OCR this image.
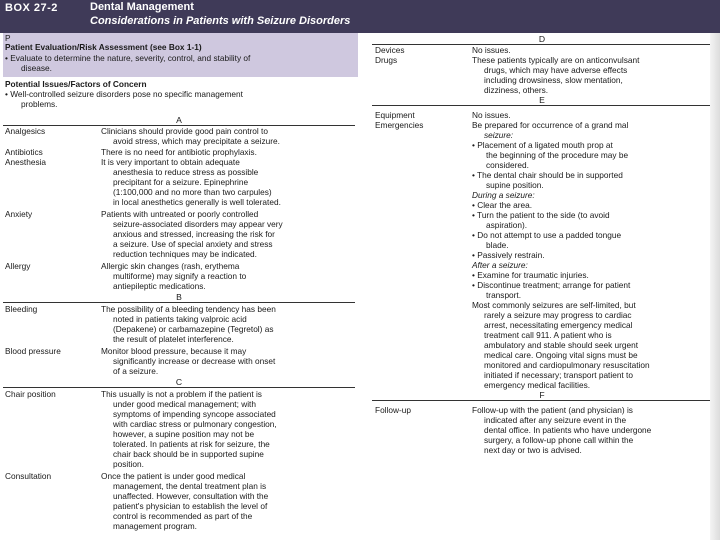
BOX 27-2	Dental Management
Considerations in Patients with Seizure Disorders
P
Patient Evaluation/Risk Assessment (see Box 1-1)
• Evaluate to determine the nature, severity, control, and stability of
disease.
Potential Issues/Factors of Concern
• Well-controlled seizure disorders pose no specific management
problems.
A
Analgesics	Clinicians should provide good pain control to
avoid stress, which may precipitate a seizure.
Antibiotics	There is no need for antibiotic prophylaxis.
Anesthesia	It is very important to obtain adequate
anesthesia to reduce stress as possible
precipitant for a seizure. Epinephrine
(1:100,000 and no more than two carpules)
in local anesthetics generally is well tolerated.
Anxiety	Patients with untreated or poorly controlled
seizure-associated disorders may appear very
anxious and stressed, increasing the risk for
a seizure. Use of special anxiety and stress
reduction techniques may be indicated.
Allergy	Allergic skin changes (rash, erythema
multiforme) may signify a reaction to
antiepileptic medications.
B
Bleeding	The possibility of a bleeding tendency has been
noted in patients taking valproic acid
(Depakene) or carbamazepine (Tegretol) as
the result of platelet interference.
Blood pressure	Monitor blood pressure, because it may
significantly increase or decrease with onset
of a seizure.
C
Chair position	This usually is not a problem if the patient is
under good medical management; with
symptoms of impending syncope associated
with cardiac stress or pulmonary congestion,
however, a supine position may not be
tolerated. In patients at risk for seizure, the
chair back should be in supported supine
position.
Consultation	Once the patient is under good medical
management, the dental treatment plan is
unaffected. However, consultation with the
patient's physician to establish the level of
control is recommended as part of the
management program.
D
Devices	No issues.
Drugs	These patients typically are on anticonvulsant
drugs, which may have adverse effects
including drowsiness, slow mentation,
dizziness, others.
E
Equipment	No issues.
Emergencies	Be prepared for occurrence of a grand mal
seizure:
• Placement of a ligated mouth prop at
the beginning of the procedure may be
considered.
• The dental chair should be in supported
supine position.
During a seizure:
• Clear the area.
• Turn the patient to the side (to avoid
aspiration).
• Do not attempt to use a padded tongue
blade.
• Passively restrain.
After a seizure:
• Examine for traumatic injuries.
• Discontinue treatment; arrange for patient
transport.
Most commonly seizures are self-limited, but
rarely a seizure may progress to cardiac
arrest, necessitating emergency medical
treatment call 911. A patient who is
ambulatory and stable should seek urgent
medical care. Ongoing vital signs must be
monitored and cardiopulmonary resuscitation
initiated if necessary; transport patient to
emergency medical facilities.
F
Follow-up	Follow-up with the patient (and physician) is
indicated after any seizure event in the
dental office. In patients who have undergone
surgery, a follow-up phone call within the
next day or two is advised.
